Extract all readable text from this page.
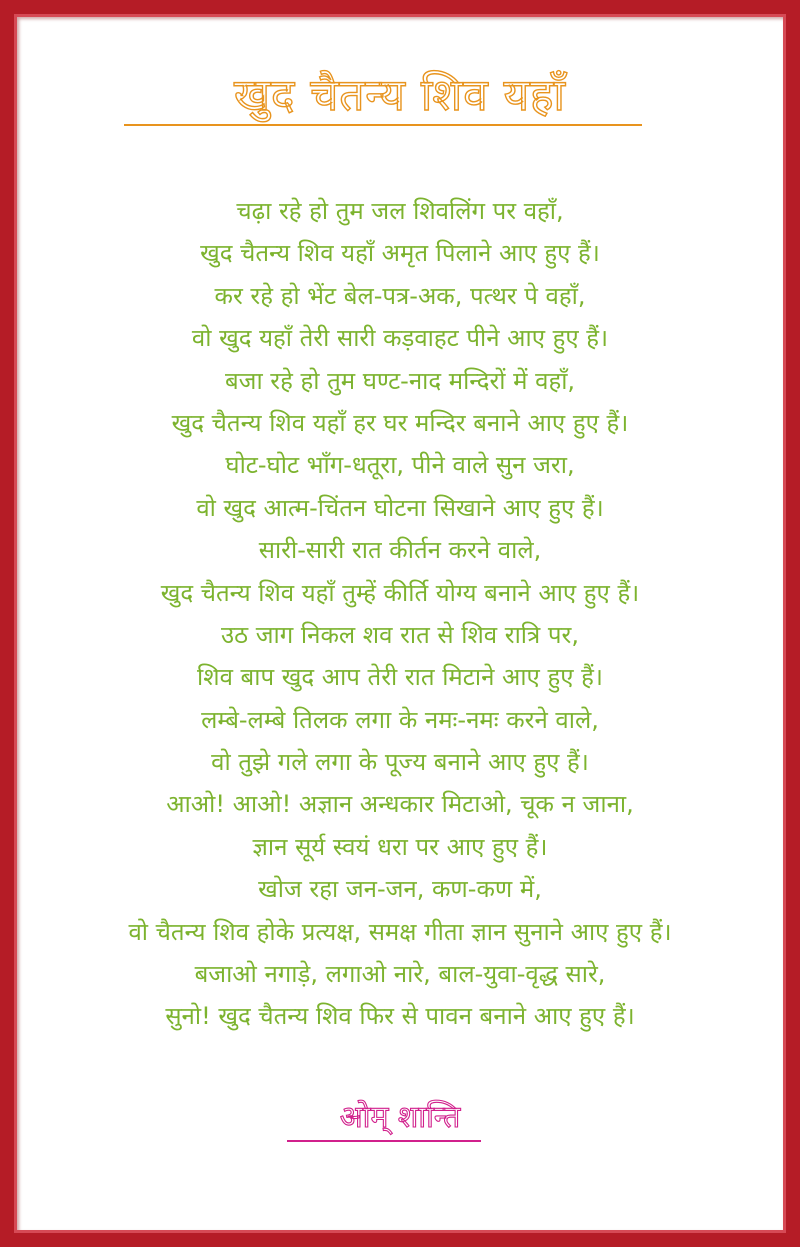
खुद चैतन्य शिव यहाँ
चढ़ा रहे हो तुम जल शिवलिंग पर वहाँ,
खुद चैतन्य शिव यहाँ अमृत पिलाने आए हुए हैं।
कर रहे हो भेंट बेल-पत्र-अक, पत्थर पे वहाँ,
वो खुद यहाँ तेरी सारी कड़वाहट पीने आए हुए हैं।
बजा रहे हो तुम घण्ट-नाद मन्दिरों में वहाँ,
खुद चैतन्य शिव यहाँ हर घर मन्दिर बनाने आए हुए हैं।
घोट-घोट भाँग-धतूरा, पीने वाले सुन जरा,
वो खुद आत्म-चिंतन घोटना सिखाने आए हुए हैं।
सारी-सारी रात कीर्तन करने वाले,
खुद चैतन्य शिव यहाँ तुम्हें कीर्ति योग्य बनाने आए हुए हैं।
उठ जाग निकल शव रात से शिव रात्रि पर,
शिव बाप खुद आप तेरी रात मिटाने आए हुए हैं।
लम्बे-लम्बे तिलक लगा के नमः-नमः करने वाले,
वो तुझे गले लगा के पूज्य बनाने आए हुए हैं।
आओ! आओ! अज्ञान अन्धकार मिटाओ, चूक न जाना,
ज्ञान सूर्य स्वयं धरा पर आए हुए हैं।
खोज रहा जन-जन, कण-कण में,
वो चैतन्य शिव होके प्रत्यक्ष, समक्ष गीता ज्ञान सुनाने आए हुए हैं।
बजाओ नगाड़े, लगाओ नारे, बाल-युवा-वृद्ध सारे,
सुनो! खुद चैतन्य शिव फिर से पावन बनाने आए हुए हैं।
ओम् शान्ति
